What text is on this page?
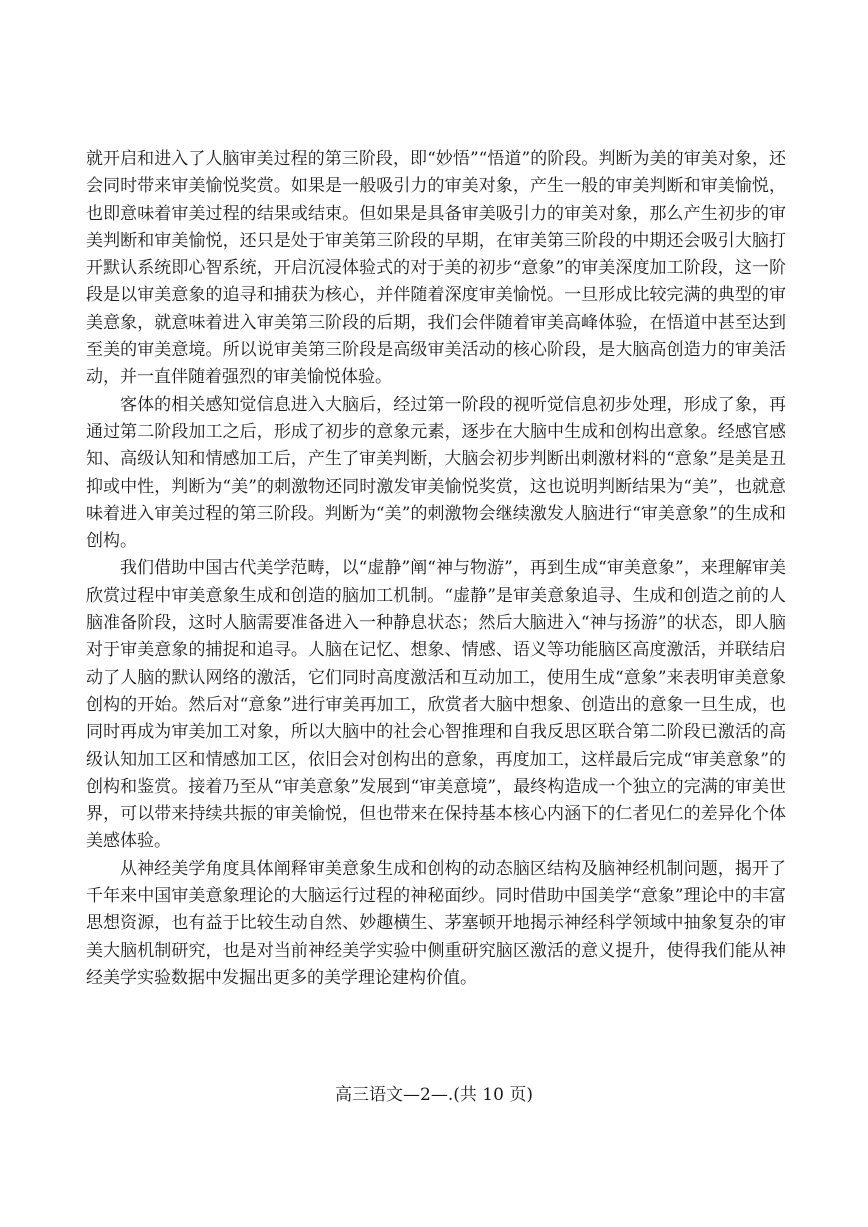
就开启和进入了人脑审美过程的第三阶段，即“妙悟”“悟道”的阶段。判断为美的审美对象，还会同时带来审美愉悦奖赏。如果是一般吸引力的审美对象，产生一般的审美判断和审美愉悦，也即意味着审美过程的结果或结束。但如果是具备审美吸引力的审美对象，那么产生初步的审美判断和审美愉悦，还只是处于审美第三阶段的早期，在审美第三阶段的中期还会吸引大脑打开默认系统即心智系统，开启沉浸体验式的对于美的初步“意象”的审美深度加工阶段，这一阶段是以审美意象的追寻和捕获为核心，并伴随着深度审美愉悦。一旦形成比较完满的典型的审美意象，就意味着进入审美第三阶段的后期，我们会伴随着审美高峰体验，在悟道中甚至达到至美的审美意境。所以说审美第三阶段是高级审美活动的核心阶段，是大脑高创造力的审美活动，并一直伴随着强烈的审美愉悦体验。

客体的相关感知觉信息进入大脑后，经过第一阶段的视听觉信息初步处理，形成了象，再通过第二阶段加工之后，形成了初步的意象元素，逐步在大脑中生成和创构出意象。经感官感知、高级认知和情感加工后，产生了审美判断，大脑会初步判断出刺激材料的“意象”是美是丑抑或中性，判断为“美”的刺激物还同时激发审美愉悦奖赏，这也说明判断结果为“美”，也就意味着进入审美过程的第三阶段。判断为“美”的刺激物会继续激发人脑进行“审美意象”的生成和创构。

我们借助中国古代美学范畴，以“虚静”阐“神与物游”，再到生成“审美意象”，来理解审美欣赏过程中审美意象生成和创造的脑加工机制。“虚静”是审美意象追寻、生成和创造之前的人脑准备阶段，这时人脑需要准备进入一种静息状态；然后大脑进入“神与扬游”的状态，即人脑对于审美意象的捕捉和追寻。人脑在记忆、想象、情感、语义等功能脑区高度激活，并联结启动了人脑的默认网络的激活，它们同时高度激活和互动加工，使用生成“意象”来表明审美意象创构的开始。然后对“意象”进行审美再加工，欣赏者大脑中想象、创造出的意象一旦生成，也同时再成为审美加工对象，所以大脑中的社会心智推理和自我反思区联合第二阶段已激活的高级认知加工区和情感加工区，依旧会对创构出的意象，再度加工，这样最后完成“审美意象”的创构和鉴赏。接着乃至从“审美意象”发展到“审美意境”，最终构造成一个独立的完满的审美世界，可以带来持续共振的审美愉悦，但也带来在保持基本核心内涵下的仁者见仁的差异化个体美感体验。

从神经美学角度具体阐释审美意象生成和创构的动态脑区结构及脑神经机制问题，揭开了千年来中国审美意象理论的大脑运行过程的神秘面纱。同时借助中国美学“意象”理论中的丰富思想资源，也有益于比较生动自然、妙趣横生、茅塞顿开地揭示神经科学领域中抽象复杂的审美大脑机制研究，也是对当前神经美学实验中侧重研究脑区激活的意义提升，使得我们能从神经美学实验数据中发掘出更多的美学理论建构价值。

高三语文—2—.(共 10 页)
